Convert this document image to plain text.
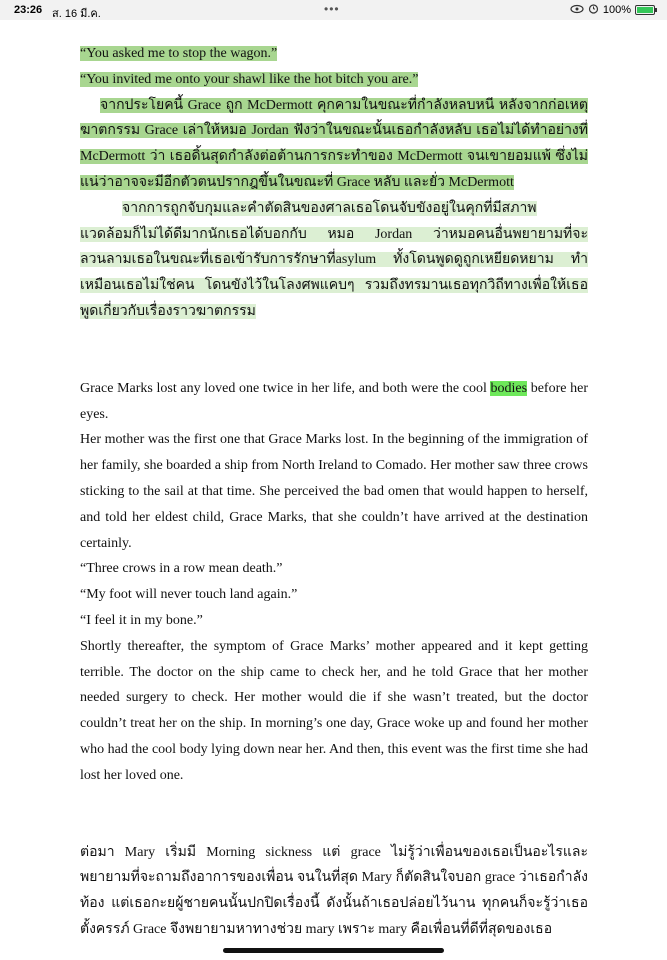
23:26 ส. 16 มี.ค.	•••	100%

“You asked me to stop the wagon.”

“You invited me onto your shawl like the hot bitch you are.”

จากประโยคนี้ Grace ถูก McDermott คุกคามในขณะที่กำลังหลบหนี หลังจากก่อเหตุฆาตกรรม Grace เล่าให้หมอ Jordan ฟังว่าในขณะนั้นเธอกำลังหลับ เธอไม่ได้ทำอย่างที่ McDermott ว่า เธอดิ้นสุดกำลังต่อต้านการกระทำของ McDermott จนเขายอมแพ้ ซึ่งไม่แน่ว่าอาจจะมีอีกตัวตนปรากฎขึ้นในขณะที่ Grace หลับ และยั่ว McDermott

จากการถูกจับกุมและคำตัดสินของศาลเธอโดนจับขังอยู่ในคุกที่มีสภาพแวดล้อมก็ไม่ได้ดีมากนักเธอได้บอกกับ หมอ Jordan ว่าหมอคนอื่นพยายามที่จะลวนลามเธอในขณะที่เธอเข้ารับการรักษาที่asylum ทั้งโดนพูดดูถูกเหยียดหยาม ทำเหมือนเธอไม่ใช่คน โดนขังไว้ในโลงศพแคบๆ รวมถึงทรมานเธอทุกวิถีทางเพื่อให้เธอพูดเกี่ยวกับเรื่องราวฆาตกรรม

Grace Marks lost any loved one twice in her life, and both were the cool bodies before her eyes.

Her mother was the first one that Grace Marks lost. In the beginning of the immigration of her family, she boarded a ship from North Ireland to Comado. Her mother saw three crows sticking to the sail at that time. She perceived the bad omen that would happen to herself, and told her eldest child, Grace Marks, that she couldn’t have arrived at the destination certainly.

“Three crows in a row mean death.”

“My foot will never touch land again.”

“I feel it in my bone.”

Shortly thereafter, the symptom of Grace Marks’ mother appeared and it kept getting terrible. The doctor on the ship came to check her, and he told Grace that her mother needed surgery to check. Her mother would die if she wasn’t treated, but the doctor couldn’t treat her on the ship. In morning’s one day, Grace woke up and found her mother who had the cool body lying down near her. And then, this event was the first time she had lost her loved one.

ต่อมา Mary เริ่มมี Morning sickness แต่ grace ไม่รู้ว่าเพื่อนของเธอเป็นอะไรและพยายามที่จะถามถึงอาการของเพื่อน จนในที่สุด Mary ก็ตัดสินใจบอก grace ว่าเธอกำลังท้อง แต่เธอกะยผู้ชายคนนั้นปกปิดเรื่องนี้ ดังนั้นถ้าเธอปล่อยไว้นาน ทุกคนก็จะรู้ว่าเธอตั้งครรภ์ Grace จึงพยายามหาทางช่วย mary เพราะ mary คือเพื่อนที่ดีที่สุดของเธอ
